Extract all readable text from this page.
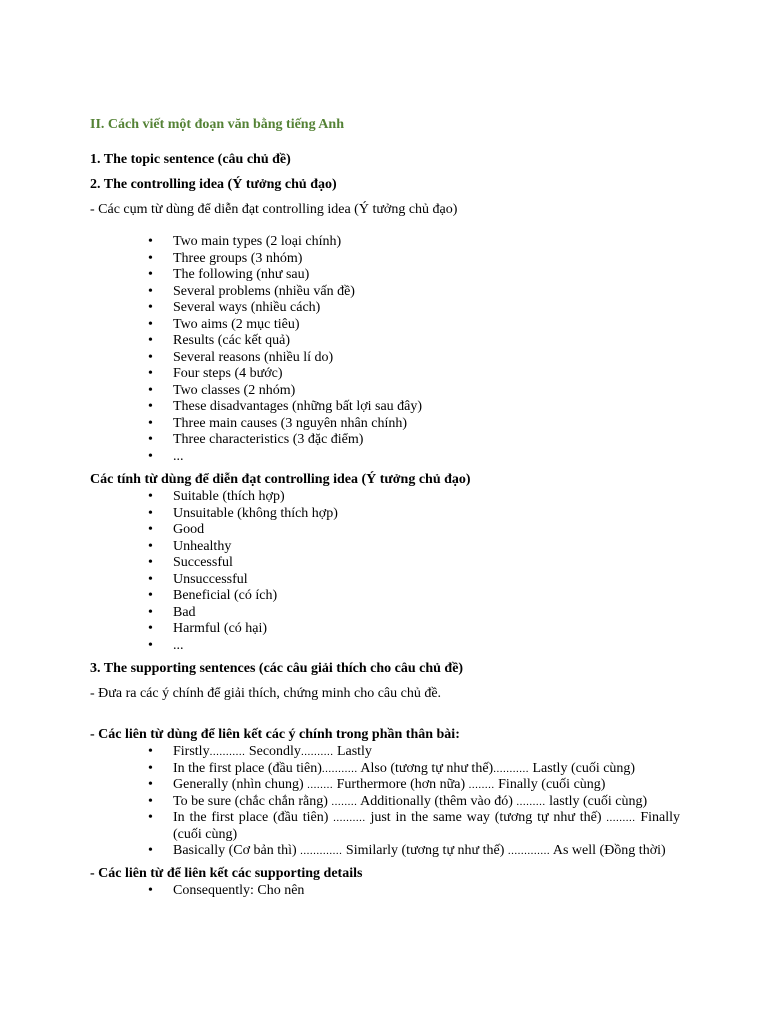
II. Cách viết một đoạn văn bằng tiếng Anh

1. The topic sentence (câu chủ đề)

2. The controlling idea (Ý tưởng chủ đạo)

- Các cụm từ dùng để diễn đạt controlling idea (Ý tưởng chủ đạo)

• Two main types (2 loại chính)
• Three groups (3 nhóm)
• The following (như sau)
• Several problems (nhiều vấn đề)
• Several ways (nhiều cách)
• Two aims (2 mục tiêu)
• Results (các kết quả)
• Several reasons (nhiều lí do)
• Four steps (4 bước)
• Two classes (2 nhóm)
• These disadvantages (những bất lợi sau đây)
• Three main causes (3 nguyên nhân chính)
• Three characteristics (3 đặc điểm)
• ...

Các tính từ dùng để diễn đạt controlling idea (Ý tưởng chủ đạo)

• Suitable (thích hợp)
• Unsuitable (không thích hợp)
• Good
• Unhealthy
• Successful
• Unsuccessful
• Beneficial (có ích)
• Bad
• Harmful (có hại)
• ...

3. The supporting sentences (các câu giải thích cho câu chủ đề)

- Đưa ra các ý chính để giải thích, chứng minh cho câu chủ đề.

- Các liên từ dùng để liên kết các ý chính trong phần thân bài:

• Firstly........... Secondly.......... Lastly
• In the first place (đầu tiên)........... Also (tương tự như thế)........... Lastly (cuối cùng)
• Generally (nhìn chung) ........ Furthermore (hơn nữa) ........ Finally (cuối cùng)
• To be sure (chắc chắn rằng) ........ Additionally (thêm vào đó) ......... lastly (cuối cùng)
• In the first place (đầu tiên) .......... just in the same way (tương tự như thế) ......... Finally (cuối cùng)
• Basically (Cơ bản thì) ............. Similarly (tương tự như thế) ............. As well (Đồng thời)

- Các liên từ để liên kết các supporting details

• Consequently: Cho nên
